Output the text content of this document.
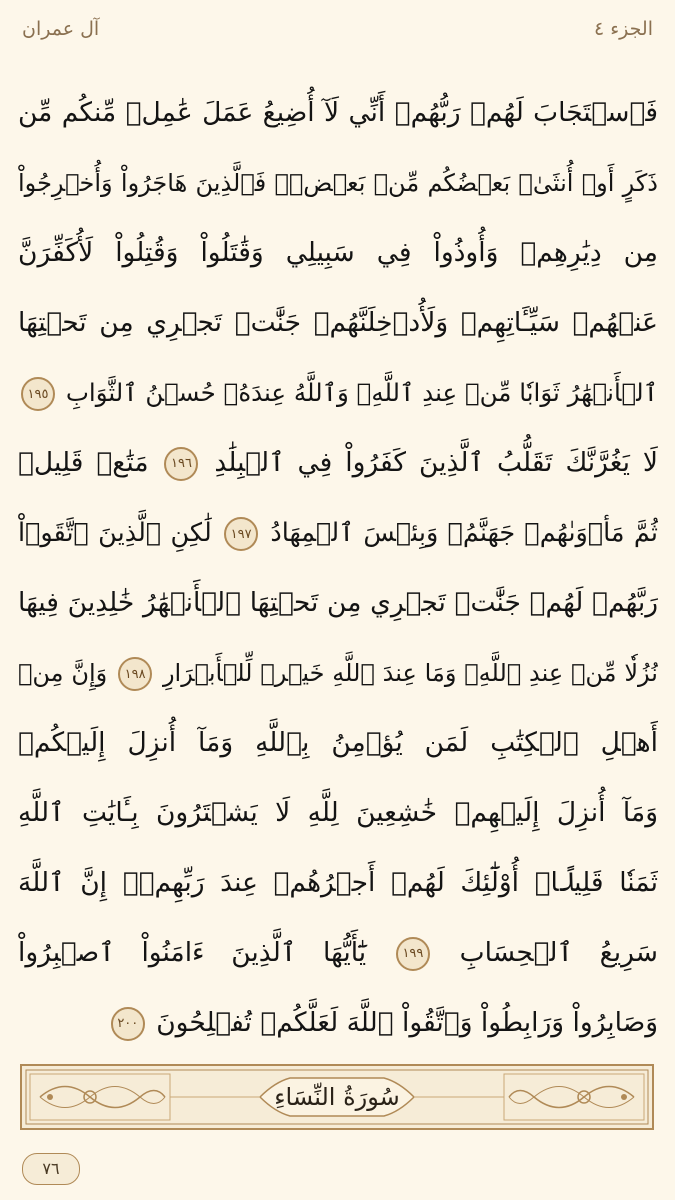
الجزء ٤
آل عمران
فَٱسۡتَجَابَ لَهُمۡ رَبُّهُمۡ أَنِّي لَآ أُضِيعُ عَمَلَ عَٰمِلٖ مِّنكُم مِّن
ذَكَرٍ أَوۡ أُنثَىٰۖ بَعۡضُكُم مِّنۢ بَعۡضٖۖ فَٱلَّذِينَ هَاجَرُواْ وَأُخۡرِجُواْ
مِن دِيَٰرِهِمۡ وَأُوذُواْ فِي سَبِيلِي وَقَٰتَلُواْ وَقُتِلُواْ لَأُكَفِّرَنَّ
عَنۡهُمۡ سَيِّـَٔاتِهِمۡ وَلَأُدۡخِلَنَّهُمۡ جَنَّٰتٖ تَجۡرِي مِن تَحۡتِهَا
ٱلۡأَنۡهَٰرُ ثَوَابٗا مِّنۡ عِندِ ٱللَّهِۚ وَٱللَّهُ عِندَهُۥ حُسۡنُ ٱلثَّوَابِ ١٩٥
لَا يَغُرَّنَّكَ تَقَلُّبُ ٱلَّذِينَ كَفَرُواْ فِي ٱلۡبِلَٰدِ ١٩٦ مَتَٰعٞ قَلِيلٞ
ثُمَّ مَأۡوَىٰهُمۡ جَهَنَّمُۖ وَبِئۡسَ ٱلۡمِهَادُ ١٩٧ لَٰكِنِ ٱلَّذِينَ ٱتَّقَوۡاْ
رَبَّهُمۡ لَهُمۡ جَنَّٰتٞ تَجۡرِي مِن تَحۡتِهَا ٱلۡأَنۡهَٰرُ خَٰلِدِينَ فِيهَا
نُزُلٗا مِّنۡ عِندِ ٱللَّهِۗ وَمَا عِندَ ٱللَّهِ خَيۡرٞ لِّلۡأَبۡرَارِ ١٩٨ وَإِنَّ مِنۡ
أَهۡلِ ٱلۡكِتَٰبِ لَمَن يُؤۡمِنُ بِٱللَّهِ وَمَآ أُنزِلَ إِلَيۡكُمۡ
وَمَآ أُنزِلَ إِلَيۡهِمۡ خَٰشِعِينَ لِلَّهِ لَا يَشۡتَرُونَ بِـَٔايَٰتِ ٱللَّهِ
ثَمَنٗا قَلِيلًاۚ أُوْلَٰٓئِكَ لَهُمۡ أَجۡرُهُمۡ عِندَ رَبِّهِمۡۗ إِنَّ ٱللَّهَ
سَرِيعُ ٱلۡحِسَابِ ١٩٩ يَٰٓأَيُّهَا ٱلَّذِينَ ءَامَنُواْ ٱصۡبِرُواْ
وَصَابِرُواْ وَرَابِطُواْ وَٱتَّقُواْ ٱللَّهَ لَعَلَّكُمۡ تُفۡلِحُونَ ٢٠٠
سُورَةُ النِّسَاءِ
٧٦
